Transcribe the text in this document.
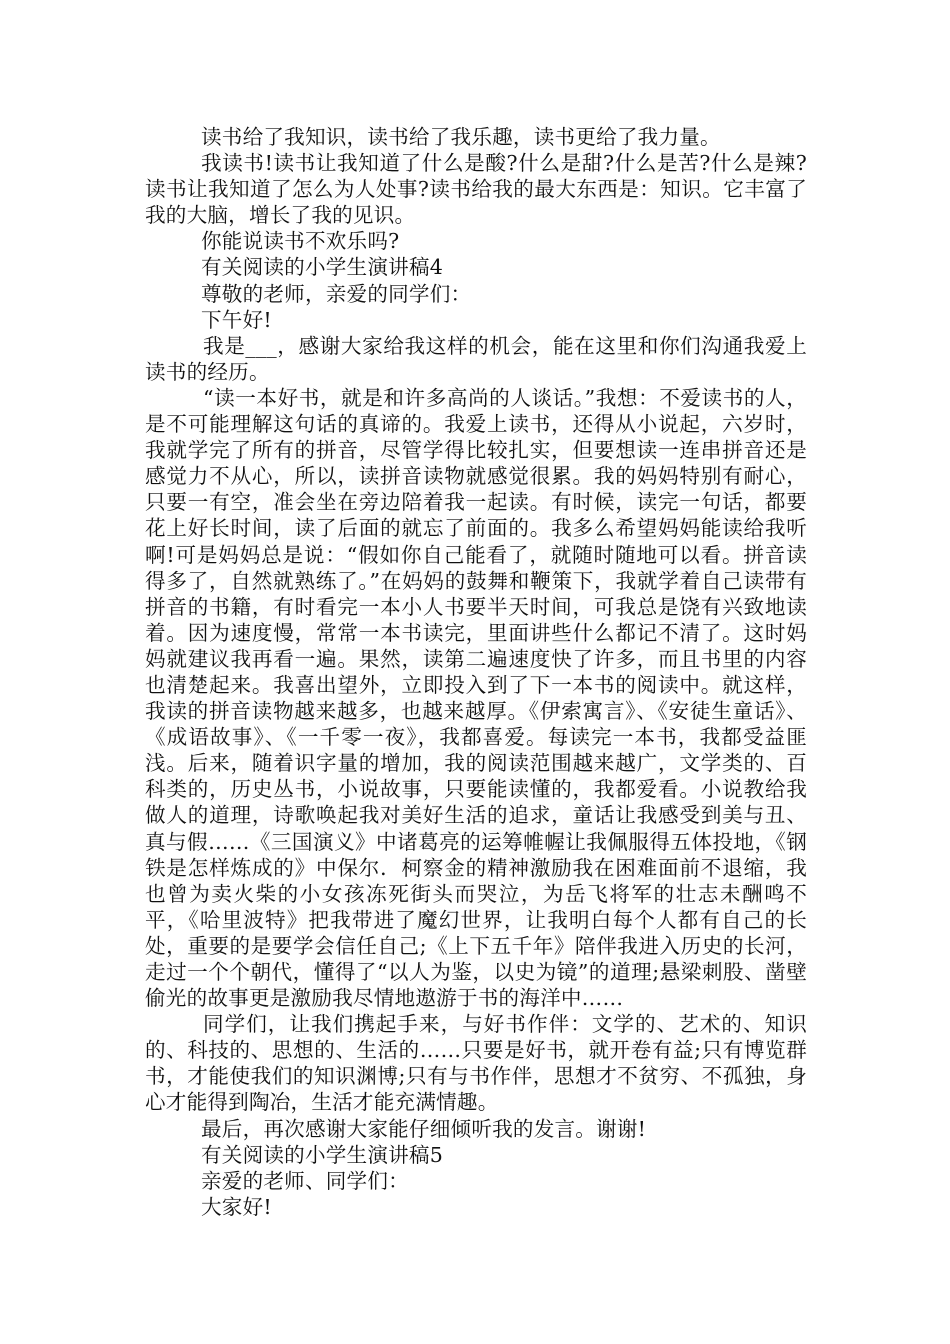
读书给了我知识，读书给了我乐趣，读书更给了我力量。

我读书!读书让我知道了什么是酸?什么是甜?什么是苦?什么是辣?读书让我知道了怎么为人处事?读书给我的最大东西是：知识。它丰富了我的大脑，增长了我的见识。

你能说读书不欢乐吗?

有关阅读的小学生演讲稿4

尊敬的老师，亲爱的同学们：

下午好!

我是___，感谢大家给我这样的机会，能在这里和你们沟通我爱上读书的经历。

“读一本好书，就是和许多高尚的人谈话。”我想：不爱读书的人，是不可能理解这句话的真谛的。我爱上读书，还得从小说起，六岁时，我就学完了所有的拼音，尽管学得比较扎实，但要想读一连串拼音还是感觉力不从心，所以，读拼音读物就感觉很累。我的妈妈特别有耐心，只要一有空，准会坐在旁边陪着我一起读。有时候，读完一句话，都要花上好长时间，读了后面的就忘了前面的。我多么希望妈妈能读给我听啊!可是妈妈总是说：“假如你自己能看了，就随时随地可以看。拼音读得多了，自然就熟练了。”在妈妈的鼓舞和鞭策下，我就学着自己读带有拼音的书籍，有时看完一本小人书要半天时间，可我总是饶有兴致地读着。因为速度慢，常常一本书读完，里面讲些什么都记不清了。这时妈妈就建议我再看一遍。果然，读第二遍速度快了许多，而且书里的内容也清楚起来。我喜出望外，立即投入到了下一本书的阅读中。就这样，我读的拼音读物越来越多，也越来越厚。《伊索寓言》、《安徒生童话》、《成语故事》、《一千零一夜》，我都喜爱。每读完一本书，我都受益匪浅。后来，随着识字量的增加，我的阅读范围越来越广，文学类的、百科类的，历史丛书，小说故事，只要能读懂的，我都爱看。小说教给我做人的道理，诗歌唤起我对美好生活的追求，童话让我感受到美与丑、真与假……《三国演义》中诸葛亮的运筹帷幄让我佩服得五体投地，《钢铁是怎样炼成的》中保尔．柯察金的精神激励我在困难面前不退缩，我也曾为卖火柴的小女孩冻死街头而哭泣，为岳飞将军的壮志未酬鸣不平，《哈里波特》把我带进了魔幻世界，让我明白每个人都有自己的长处，重要的是要学会信任自己;《上下五千年》陪伴我进入历史的长河，走过一个个朝代，懂得了“以人为鉴，以史为镜”的道理;悬梁刺股、凿壁偷光的故事更是激励我尽情地遨游于书的海洋中……

同学们，让我们携起手来，与好书作伴：文学的、艺术的、知识的、科技的、思想的、生活的……只要是好书，就开卷有益;只有博览群书，才能使我们的知识渊博;只有与书作伴，思想才不贫穷、不孤独，身心才能得到陶冶，生活才能充满情趣。

最后，再次感谢大家能仔细倾听我的发言。谢谢!

有关阅读的小学生演讲稿5

亲爱的老师、同学们：

大家好!
